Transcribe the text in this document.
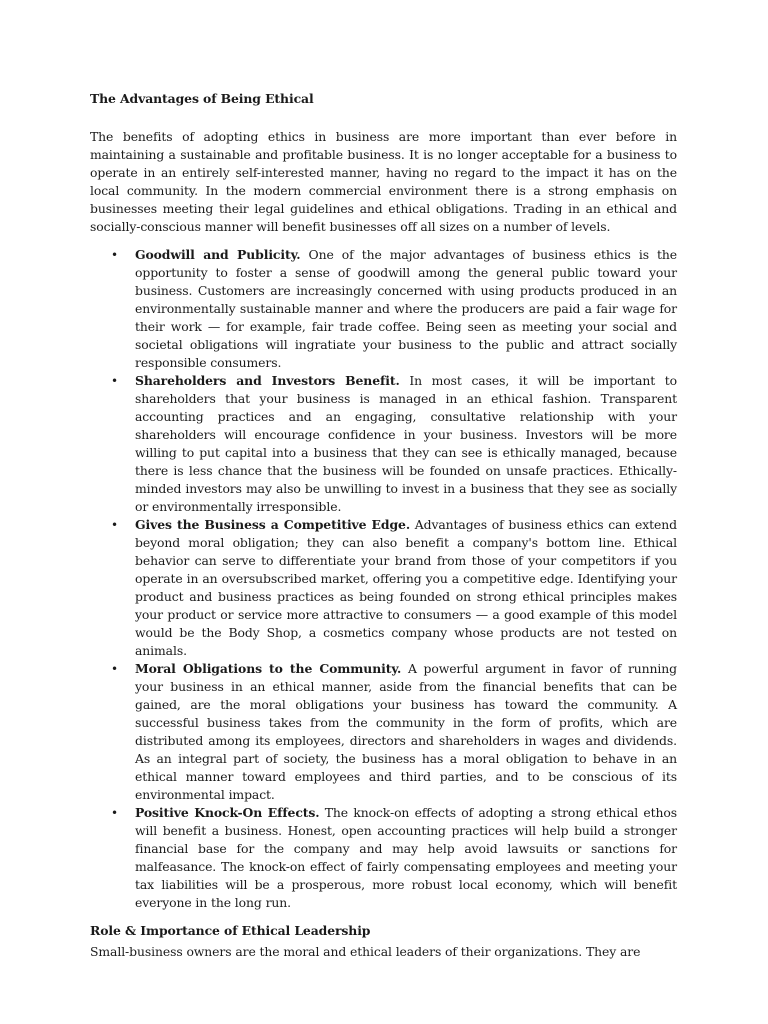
The Advantages of Being Ethical

The benefits of adopting ethics in business are more important than ever before in maintaining a sustainable and profitable business. It is no longer acceptable for a business to operate in an entirely self-interested manner, having no regard to the impact it has on the local community. In the modern commercial environment there is a strong emphasis on businesses meeting their legal guidelines and ethical obligations. Trading in an ethical and socially-conscious manner will benefit businesses off all sizes on a number of levels.

• Goodwill and Publicity. One of the major advantages of business ethics is the opportunity to foster a sense of goodwill among the general public toward your business. Customers are increasingly concerned with using products produced in an environmentally sustainable manner and where the producers are paid a fair wage for their work — for example, fair trade coffee. Being seen as meeting your social and societal obligations will ingratiate your business to the public and attract socially responsible consumers.
• Shareholders and Investors Benefit. In most cases, it will be important to shareholders that your business is managed in an ethical fashion. Transparent accounting practices and an engaging, consultative relationship with your shareholders will encourage confidence in your business. Investors will be more willing to put capital into a business that they can see is ethically managed, because there is less chance that the business will be founded on unsafe practices. Ethically-minded investors may also be unwilling to invest in a business that they see as socially or environmentally irresponsible.
• Gives the Business a Competitive Edge. Advantages of business ethics can extend beyond moral obligation; they can also benefit a company's bottom line. Ethical behavior can serve to differentiate your brand from those of your competitors if you operate in an oversubscribed market, offering you a competitive edge. Identifying your product and business practices as being founded on strong ethical principles makes your product or service more attractive to consumers — a good example of this model would be the Body Shop, a cosmetics company whose products are not tested on animals.
• Moral Obligations to the Community. A powerful argument in favor of running your business in an ethical manner, aside from the financial benefits that can be gained, are the moral obligations your business has toward the community. A successful business takes from the community in the form of profits, which are distributed among its employees, directors and shareholders in wages and dividends. As an integral part of society, the business has a moral obligation to behave in an ethical manner toward employees and third parties, and to be conscious of its environmental impact.
• Positive Knock-On Effects. The knock-on effects of adopting a strong ethical ethos will benefit a business. Honest, open accounting practices will help build a stronger financial base for the company and may help avoid lawsuits or sanctions for malfeasance. The knock-on effect of fairly compensating employees and meeting your tax liabilities will be a prosperous, more robust local economy, which will benefit everyone in the long run.
Role & Importance of Ethical Leadership

Small-business owners are the moral and ethical leaders of their organizations. They are
